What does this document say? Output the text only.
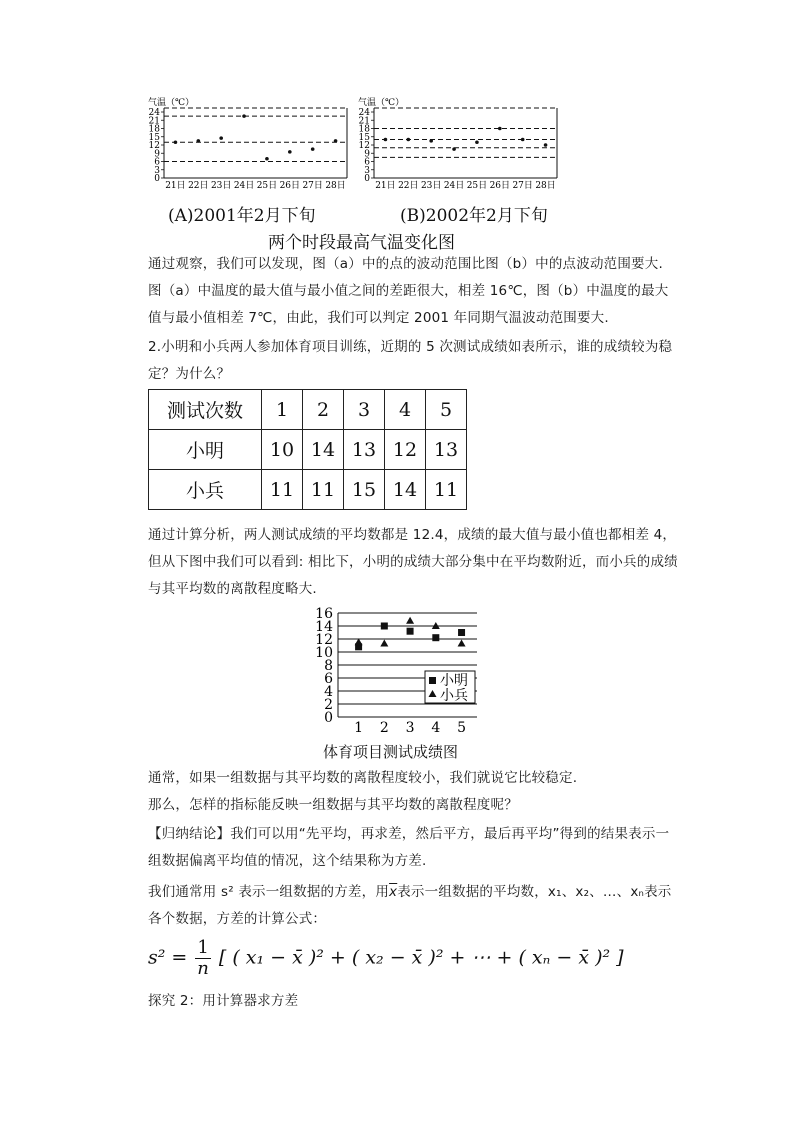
气温（℃）
0
3
6
9
12
15
18
21
24
21日 22日 23日 24日 25日 26日 27日 28日
气温（℃）
0
3
6
9
12
15
18
21
24
21日 22日 23日 24日 25日 26日 27日 28日
(A)2001年2月下旬	(B)2002年2月下旬
两个时段最高气温变化图
通过观察，我们可以发现，图（a）中的点的波动范围比图（b）中的点波动范围要大.
图（a）中温度的最大值与最小值之间的差距很大，相差 16℃，图（b）中温度的最大值与最小值相差 7℃，由此，我们可以判定 2001 年同期气温波动范围要大.
2.小明和小兵两人参加体育项目训练，近期的 5 次测试成绩如表所示，谁的成绩较为稳定？为什么？
测试次数	1	2	3	4	5
小明	10	14	13	12	13
小兵	11	11	15	14	11
通过计算分析，两人测试成绩的平均数都是 12.4，成绩的最大值与最小值也都相差 4，但从下图中我们可以看到: 相比下，小明的成绩大部分集中在平均数附近，而小兵的成绩与其平均数的离散程度略大.
0
2
4
6
8
10
12
14
16
1 2 3 4 5
小明
小兵
体育项目测试成绩图
通常，如果一组数据与其平均数的离散程度较小，我们就说它比较稳定.
那么，怎样的指标能反映一组数据与其平均数的离散程度呢？
【归纳结论】我们可以用“先平均，再求差，然后平方，最后再平均”得到的结果表示一组数据偏离平均值的情况，这个结果称为方差.
我们通常用 s² 表示一组数据的方差，用$\overline{x}$表示一组数据的平均数，x₁、x₂、…、xₙ表示各个数据，方差的计算公式：
$s^2 = \frac{1}{n}$ [ ( x₁ − x̄ )² + ( x₂ − x̄ )² + ⋯ + ( xₙ − x̄ )² ]
探究 2：用计算器求方差
